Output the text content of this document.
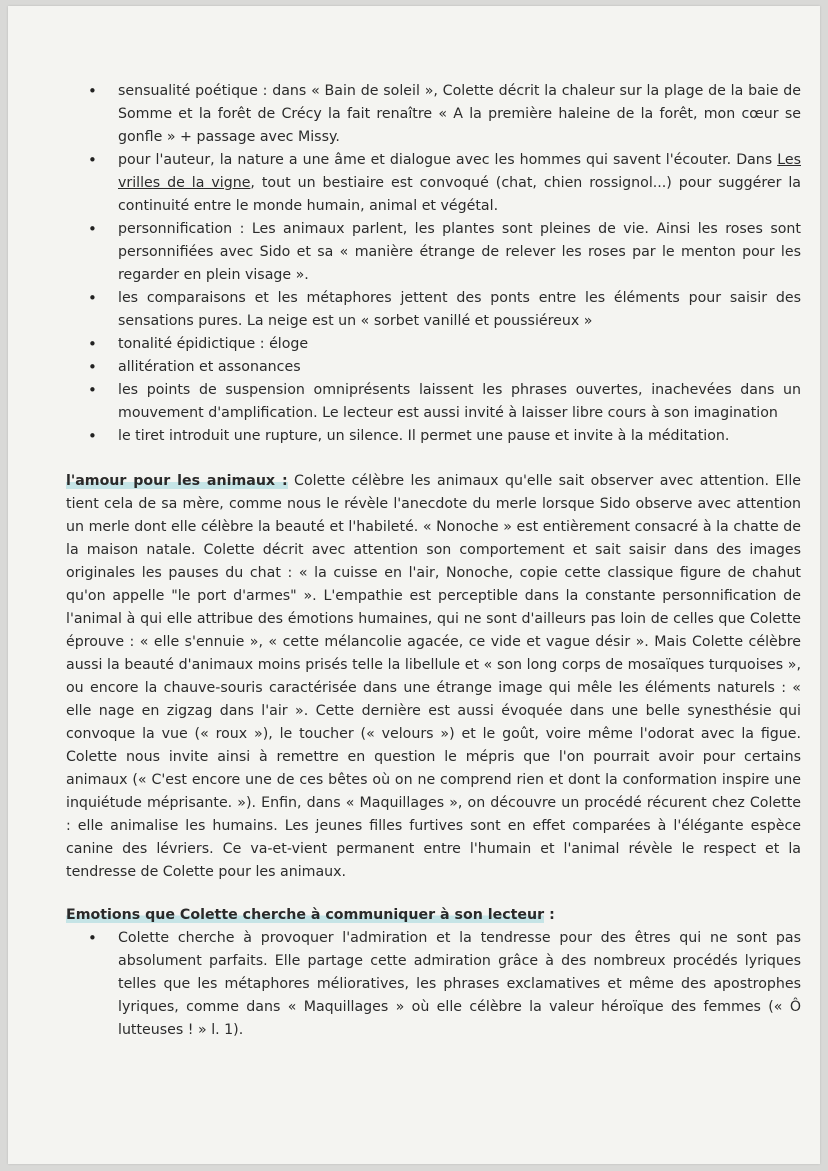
• sensualité poétique : dans « Bain de soleil », Colette décrit la chaleur sur la plage de la baie de Somme et la forêt de Crécy la fait renaître « A la première haleine de la forêt, mon cœur se gonfle » + passage avec Missy.
• pour l'auteur, la nature a une âme et dialogue avec les hommes qui savent l'écouter. Dans Les vrilles de la vigne, tout un bestiaire est convoqué (chat, chien rossignol...) pour suggérer la continuité entre le monde humain, animal et végétal.
• personnification : Les animaux parlent, les plantes sont pleines de vie. Ainsi les roses sont personnifiées avec Sido et sa « manière étrange de relever les roses par le menton pour les regarder en plein visage ».
• les comparaisons et les métaphores jettent des ponts entre les éléments pour saisir des sensations pures. La neige est un « sorbet vanillé et poussiéreux »
• tonalité épidictique : éloge
• allitération et assonances
• les points de suspension omniprésents laissent les phrases ouvertes, inachevées dans un mouvement d'amplification. Le lecteur est aussi invité à laisser libre cours à son imagination
• le tiret introduit une rupture, un silence. Il permet une pause et invite à la méditation.

l'amour pour les animaux : Colette célèbre les animaux qu'elle sait observer avec attention. Elle tient cela de sa mère, comme nous le révèle l'anecdote du merle lorsque Sido observe avec attention un merle dont elle célèbre la beauté et l'habileté. « Nonoche » est entièrement consacré à la chatte de la maison natale. Colette décrit avec attention son comportement et sait saisir dans des images originales les pauses du chat : « la cuisse en l'air, Nonoche, copie cette classique figure de chahut qu'on appelle "le port d'armes" ». L'empathie est perceptible dans la constante personnification de l'animal à qui elle attribue des émotions humaines, qui ne sont d'ailleurs pas loin de celles que Colette éprouve : « elle s'ennuie », « cette mélancolie agacée, ce vide et vague désir ». Mais Colette célèbre aussi la beauté d'animaux moins prisés telle la libellule et « son long corps de mosaïques turquoises », ou encore la chauve-souris caractérisée dans une étrange image qui mêle les éléments naturels : « elle nage en zigzag dans l'air ». Cette dernière est aussi évoquée dans une belle synesthésie qui convoque la vue (« roux »), le toucher (« velours ») et le goût, voire même l'odorat avec la figue. Colette nous invite ainsi à remettre en question le mépris que l'on pourrait avoir pour certains animaux (« C'est encore une de ces bêtes où on ne comprend rien et dont la conformation inspire une inquiétude méprisante. »). Enfin, dans « Maquillages », on découvre un procédé récurent chez Colette : elle animalise les humains. Les jeunes filles furtives sont en effet comparées à l'élégante espèce canine des lévriers. Ce va-et-vient permanent entre l'humain et l'animal révèle le respect et la tendresse de Colette pour les animaux.

Emotions que Colette cherche à communiquer à son lecteur :
• Colette cherche à provoquer l'admiration et la tendresse pour des êtres qui ne sont pas absolument parfaits. Elle partage cette admiration grâce à des nombreux procédés lyriques telles que les métaphores mélioratives, les phrases exclamatives et même des apostrophes lyriques, comme dans « Maquillages » où elle célèbre la valeur héroïque des femmes (« Ô lutteuses ! » l. 1).
